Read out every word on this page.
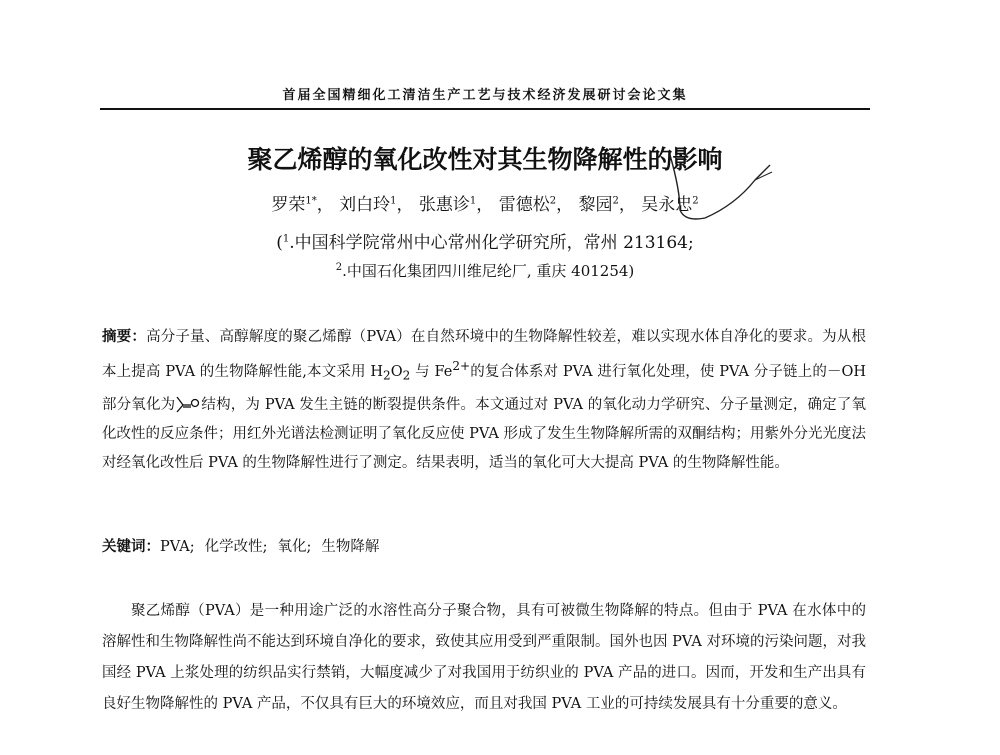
首届全国精细化工清洁生产工艺与技术经济发展研讨会论文集
聚乙烯醇的氧化改性对其生物降解性的影响
罗荣$^{1*}$， 刘白玲$^1$， 张惠诊$^1$， 雷德松$^2$， 黎园$^2$， 吴永忠$^2$
($^1$.中国科学院常州中心常州化学研究所，常州 213164;
$^2$.中国石化集团四川维尼纶厂, 重庆 401254)

摘要：高分子量、高醇解度的聚乙烯醇（PVA）在自然环境中的生物降解性较差，难以实现水体自净化的要求。为从根本上提高 PVA 的生物降解性能,本文采用 $H_2O_2$ 与 $Fe^{2+}$的复合体系对 PVA 进行氧化处理，使 PVA 分子链上的－OH 部分氧化为 结构，为 PVA 发生主链的断裂提供条件。本文通过对 PVA 的氧化动力学研究、分子量测定，确定了氧化改性的反应条件；用红外光谱法检测证明了氧化反应使 PVA 形成了发生生物降解所需的双酮结构；用紫外分光光度法对经氧化改性后 PVA 的生物降解性进行了测定。结果表明，适当的氧化可大大提高 PVA 的生物降解性能。

关键词：PVA; 化学改性; 氧化; 生物降解

聚乙烯醇（PVA）是一种用途广泛的水溶性高分子聚合物，具有可被微生物降解的特点。但由于 PVA 在水体中的溶解性和生物降解性尚不能达到环境自净化的要求，致使其应用受到严重限制。国外也因 PVA 对环境的污染问题，对我国经 PVA 上浆处理的纺织品实行禁销，大幅度减少了对我国用于纺织业的 PVA 产品的进口。因而，开发和生产出具有良好生物降解性的 PVA 产品，不仅具有巨大的环境效应，而且对我国 PVA 工业的可持续发展具有十分重要的意义。
